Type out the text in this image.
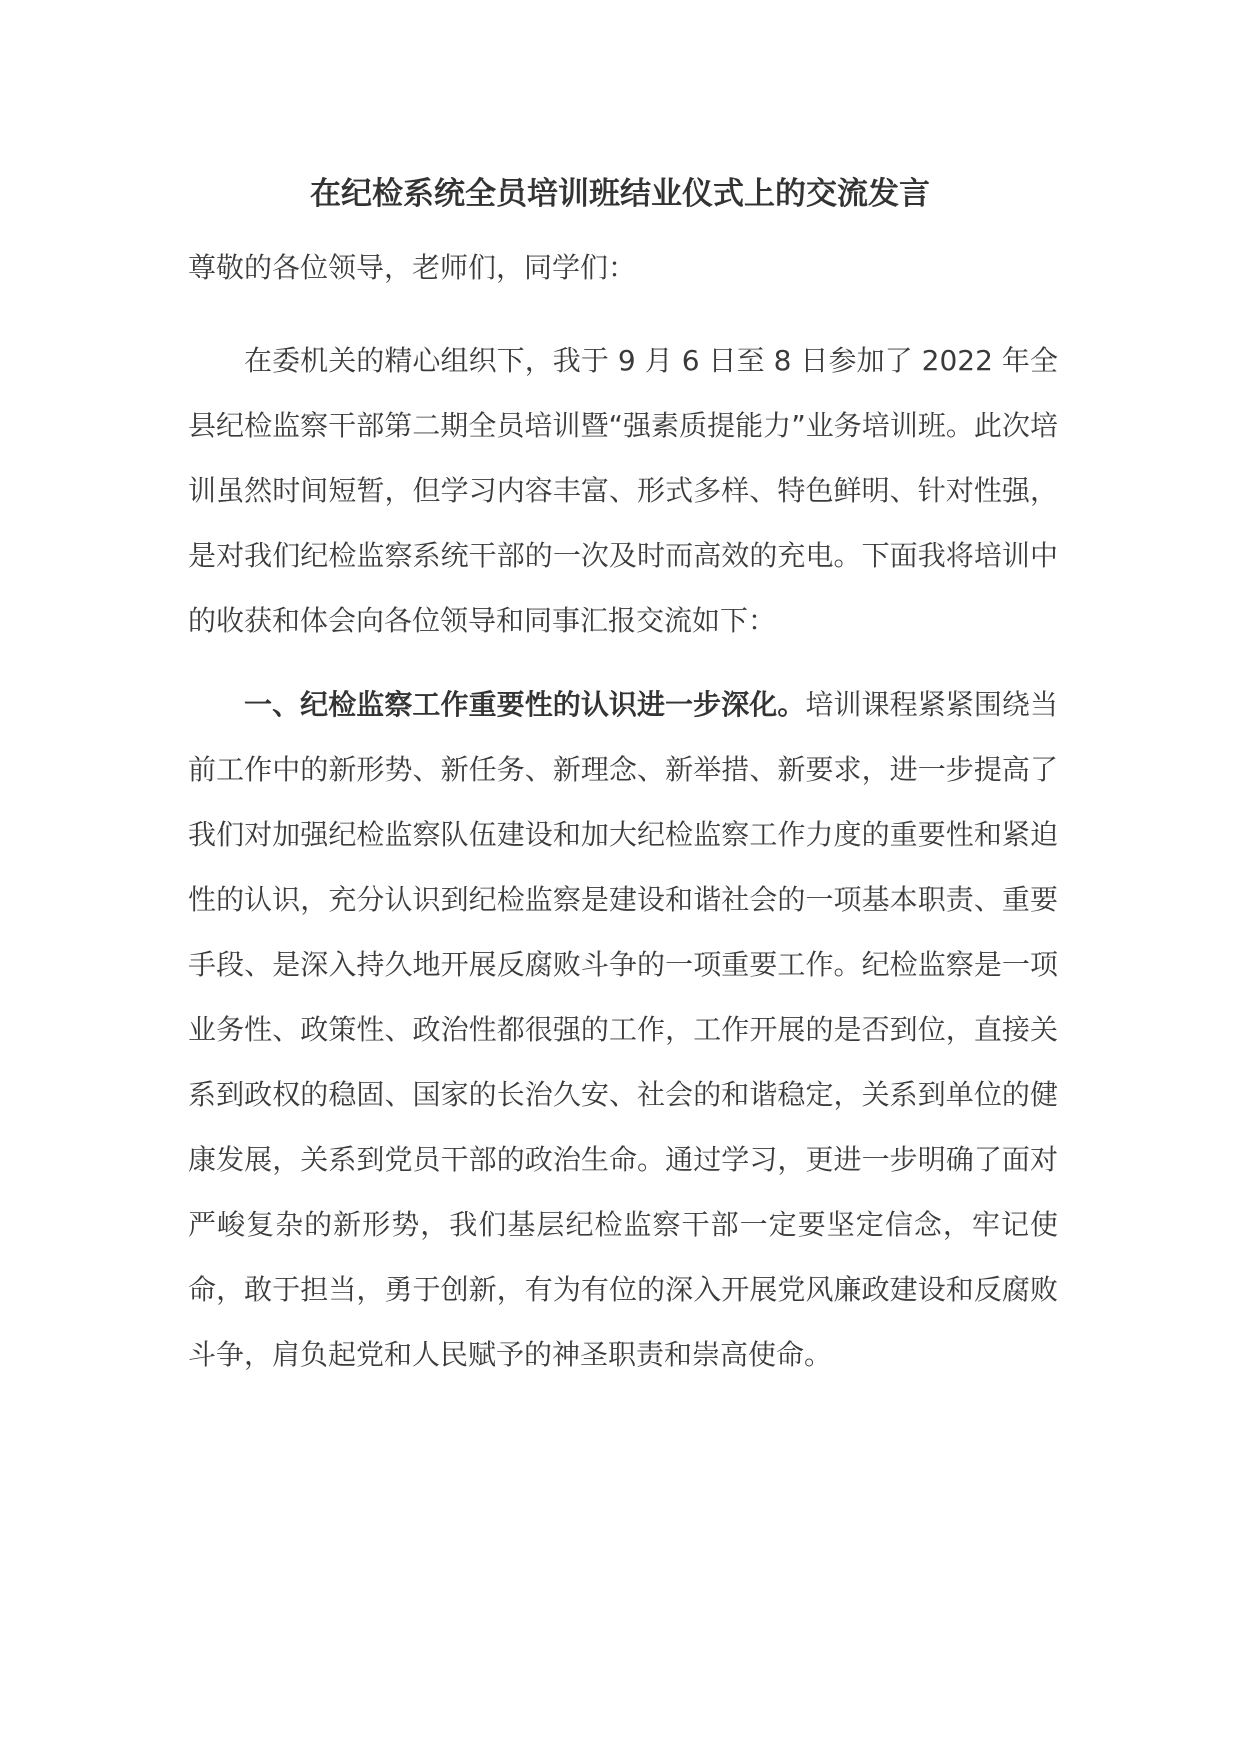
在纪检系统全员培训班结业仪式上的交流发言

尊敬的各位领导，老师们，同学们：

在委机关的精心组织下，我于 9 月 6 日至 8 日参加了 2022 年全县纪检监察干部第二期全员培训暨“强素质提能力”业务培训班。此次培训虽然时间短暂，但学习内容丰富、形式多样、特色鲜明、针对性强，是对我们纪检监察系统干部的一次及时而高效的充电。下面我将培训中的收获和体会向各位领导和同事汇报交流如下：

一、纪检监察工作重要性的认识进一步深化。培训课程紧紧围绕当前工作中的新形势、新任务、新理念、新举措、新要求，进一步提高了我们对加强纪检监察队伍建设和加大纪检监察工作力度的重要性和紧迫性的认识，充分认识到纪检监察是建设和谐社会的一项基本职责、重要手段、是深入持久地开展反腐败斗争的一项重要工作。纪检监察是一项业务性、政策性、政治性都很强的工作，工作开展的是否到位，直接关系到政权的稳固、国家的长治久安、社会的和谐稳定，关系到单位的健康发展，关系到党员干部的政治生命。通过学习，更进一步明确了面对严峻复杂的新形势，我们基层纪检监察干部一定要坚定信念，牢记使命，敢于担当，勇于创新，有为有位的深入开展党风廉政建设和反腐败斗争，肩负起党和人民赋予的神圣职责和崇高使命。
